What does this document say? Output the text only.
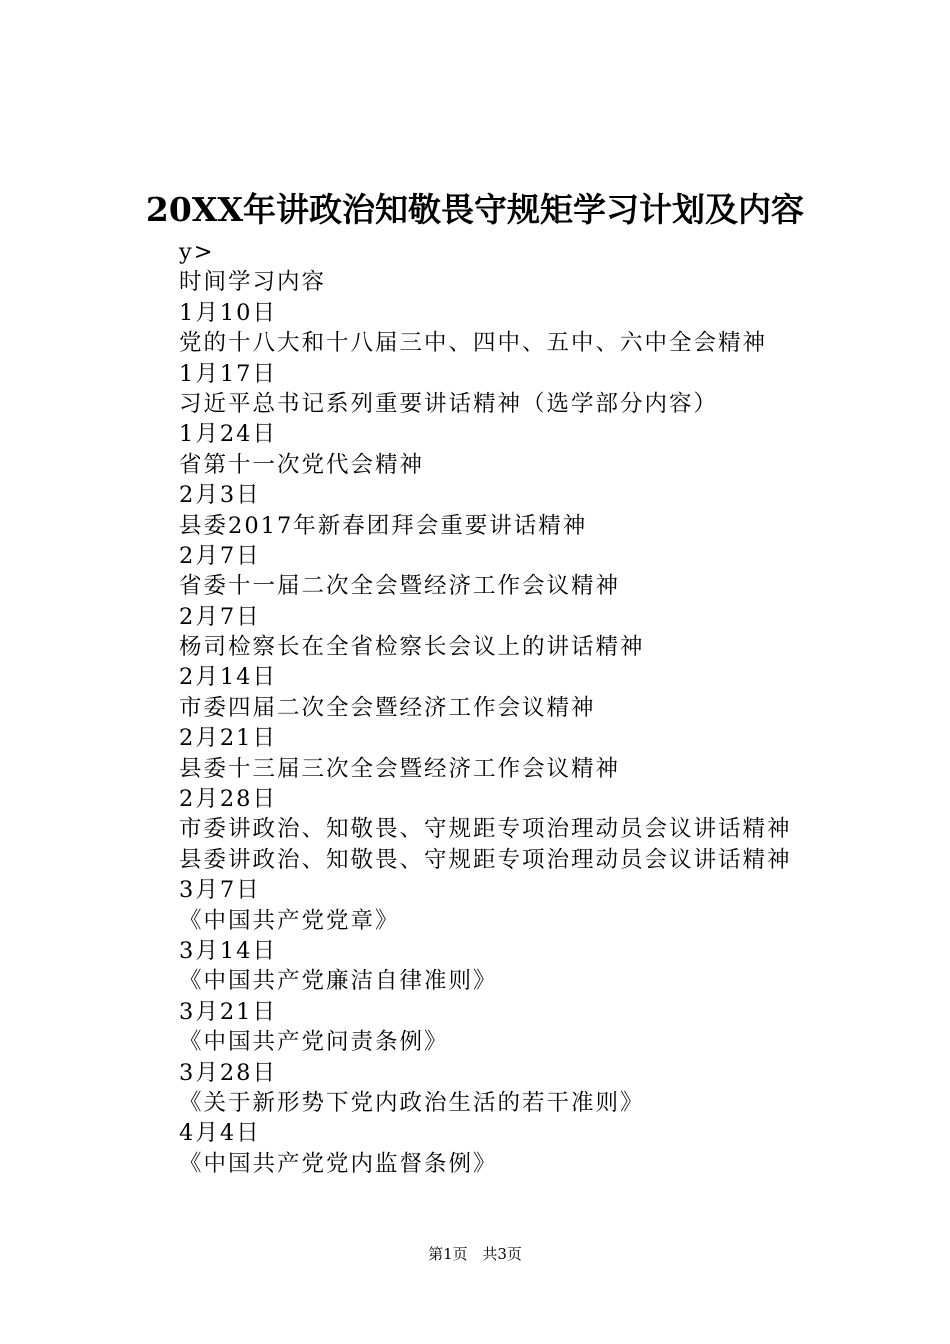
20XX年讲政治知敬畏守规矩学习计划及内容
y>
时间学习内容
1月10日
党的十八大和十八届三中、四中、五中、六中全会精神
1月17日
习近平总书记系列重要讲话精神（选学部分内容）
1月24日
省第十一次党代会精神
2月3日
县委2017年新春团拜会重要讲话精神
2月7日
省委十一届二次全会暨经济工作会议精神
2月7日
杨司检察长在全省检察长会议上的讲话精神
2月14日
市委四届二次全会暨经济工作会议精神
2月21日
县委十三届三次全会暨经济工作会议精神
2月28日
市委讲政治、知敬畏、守规距专项治理动员会议讲话精神
县委讲政治、知敬畏、守规距专项治理动员会议讲话精神
3月7日
《中国共产党党章》
3月14日
《中国共产党廉洁自律准则》
3月21日
《中国共产党问责条例》
3月28日
《关于新形势下党内政治生活的若干准则》
4月4日
《中国共产党党内监督条例》
第1页 共3页
